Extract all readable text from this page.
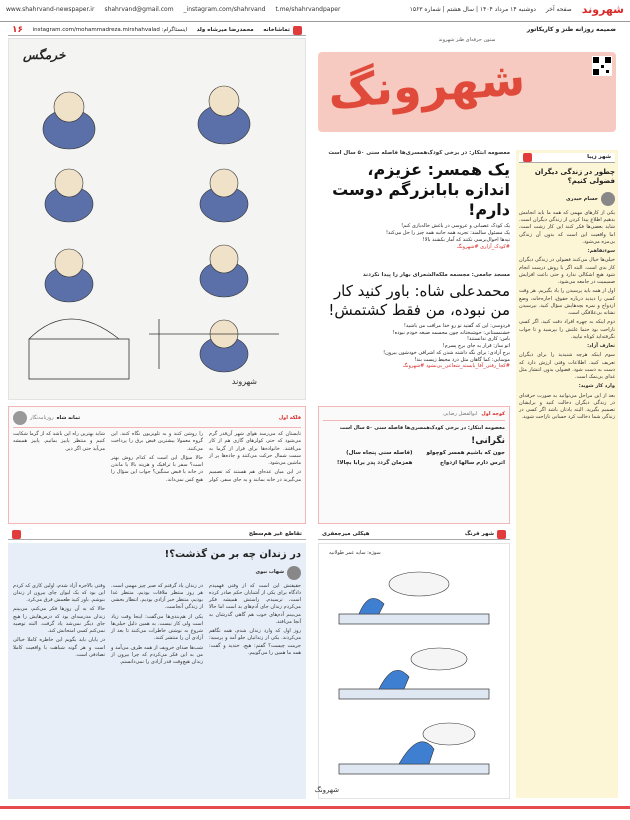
شهروند
صفحه آخر
دوشنبه ۱۴ مرداد ۱۴۰۴ | سال هشتم | شماره ۱۵۶۳
t.me/shahrvandpaper
instagram.com/shahrvand_
shahrvand@gmail.com
www.shahrvand-newspaper.ir
تماشاخانه
محمدرضا میرشاه ولد
اینستاگرام: instagram.com/mohammadreza.mirshahvalad
۱۶
خرمگس
شهروند
ضمیمه روزانه طنز و کاریکاتور
ستون حرفه‌ای طنز شهروند
شهرونگ
شهر زیبا
چطور در زندگی دیگران فضولی کنیم؟
حسام حیدری

یکی از کارهای مهمی که همه ما باید انجامش بدهیم اطلاع پیدا کردن از زندگی دیگران است. شاید بعضی‌ها فکر کنند این کار زشت است، اما واقعیت این است که بدون آن زندگی بی‌مزه می‌شود.

سوءتفاهم:

خیلی‌ها خیال می‌کنند فضولی در زندگی دیگران کار بدی است. البته اگر با روش درست انجام شود هیچ اشکالی ندارد و حتی باعث افزایش صمیمیت در جامعه می‌شود.

اول از همه باید پرسیدن را یاد بگیریم. هر وقت کسی را دیدید درباره حقوق، اجاره‌خانه، وضع ازدواج و نمره بچه‌هایش سؤال کنید. نپرسیدن نشانه بی‌علاقگی است.

دوم اینکه به چهره افراد دقت کنید. اگر کسی ناراحت بود حتما علتش را بپرسید و تا جواب نگرفته‌اید کوتاه نیایید.

تعارف آزاد:

سوم اینکه هرچه شنیدید را برای دیگران تعریف کنید. اطلاعات وقتی ارزش دارد که دست به دست شود. فضولی بدون انتشار مثل غذای بی‌نمک است.

وارد کار شوید:

بعد از این مراحل می‌توانید به صورت حرفه‌ای در زندگی دیگران دخالت کنید و برایشان تصمیم بگیرید. البته یادتان باشد اگر کسی در زندگی شما دخالت کرد حسابی ناراحت شوید.

معصومه ابتکار: در برخی کودک‌همسری‌ها فاصله سنی ۵۰ سال است
یک همسر: عزیزم، اندازه بابابزرگم دوست دارم!
یک کودک عصبانی و عروسی در باغش خاله‌بازی کنم!
یک مسئول سالمند: تجربه همه جانبه همه چیز را حل می‌کند!
تپه‌ها احوال‌پرسی نکنند که آمار بکشند بالا!
#کودک_آزاری #شهرونگ
مسجد جامعی: مجسمه ملکه‌الشعرای بهار را پیدا نکردند
محمدعلی شاه: باور کنید کار من نبوده، من فقط کشتمش!
فردوسی: این که گفتید تو رو خدا مراقب من باشید!
خشنمستانی: خوشبختانه چون مجسمه صیغه خودم نبوده!
باس: کاری ندانستند!
اتو ساز: قرار به جای برج پسرم!
برج آزادی: برای نگه داشته شدن که اشرافی خودشون بیرون!
موسایی: کما گاهان مثل درد محیط زیست بند!
#کجا_رفتی_آقا_بایسته_شعاعی_بی‌نشود #شهرونگ
فلکه اول
ثمانه شاه
روزنامه‌نگار

تابستان که می‌رسد هوای شهر آن‌قدر گرم می‌شود که حتی کولرهای گازی هم از کار می‌افتند. خانواده‌ها برای فرار از گرما به سمت شمال حرکت می‌کنند و جاده‌ها پر از ماشین می‌شود.

در این میان عده‌ای هم هستند که تصمیم می‌گیرند در خانه بمانند و به جای سفر، کولر را روشن کنند و به تلویزیون نگاه کنند. این گروه معمولا بیشترین قبض برق را پرداخت می‌کنند.

حالا سؤال این است که کدام روش بهتر است؟ سفر با ترافیک و هزینه بالا یا ماندن در خانه با قبض سنگین؟ جواب این سؤال را هیچ کس نمی‌داند.

شاید بهترین راه این باشد که از گرما شکایت کنیم و منتظر پاییز بمانیم. پاییز همیشه می‌آید حتی اگر دیر.

کوچه اول
ابوالفضل رضایی
معصومه ابتکار: در برخی کودک‌همسری‌ها فاصله سنی ۵۰ سال است
نگرانی!
جون که باشیم همسر کوچولو
(فاصله سنی پنجاه سال)
اترس دارم سالها ازدواج
همزمان گردد پدر برابا بچالا!
تقاطع غیر هم‌سطح
در زندان چه بر من گذشت؟!
شهاب نبوی

حقیقتش این است که از وقتی فهمیدم دادگاه برای یکی از آشنایان حکم صادر کرده است، ترسیدم. راستش همیشه فکر می‌کردم زندان جای آدم‌های بد است اما حالا می‌بینم آدم‌های خوب هم گاهی گذرشان به آنجا می‌افتد.

روز اول که وارد زندان شدم، همه نگاهم می‌کردند. یکی از زندانیان جلو آمد و پرسید: جرمت چیست؟ گفتم: هیچ. خندید و گفت: همه ما همین را می‌گوییم.

در زندان یاد گرفتم که صبر چیز مهمی است. هر روز منتظر ملاقات بودیم، منتظر غذا بودیم، منتظر خبر آزادی بودیم. انتظار بخشی از زندگی آنجاست.

یکی از هم‌بندی‌ها می‌گفت: اینجا وقت زیاد است ولی کار نیست. به همین دلیل خیلی‌ها شروع به نوشتن خاطرات می‌کنند تا بعد از آزادی آن را منتشر کنند.

شب‌ها صدای خروپف از همه طرف می‌آمد و من به این فکر می‌کردم که چرا بیرون از زندان هیچ‌وقت قدر آزادی را نمی‌دانستم.

وقتی بالاخره آزاد شدم، اولین کاری که کردم این بود که یک لیوان چای بیرون از زندان بنوشم. باور کنید طعمش فرق می‌کرد.

حالا که به آن روزها فکر می‌کنم، می‌بینم زندان مدرسه‌ای بود که درس‌هایش را هیچ جای دیگر نمی‌شد یاد گرفت. البته توصیه نمی‌کنم کسی امتحانش کند.

در پایان باید بگویم این خاطره کاملا خیالی است و هر گونه شباهت با واقعیت کاملا تصادفی است.

شهر فرنگ
هیکلی میرجعفری
سوژه: سایه عمر طولانیه
شهرونگ
